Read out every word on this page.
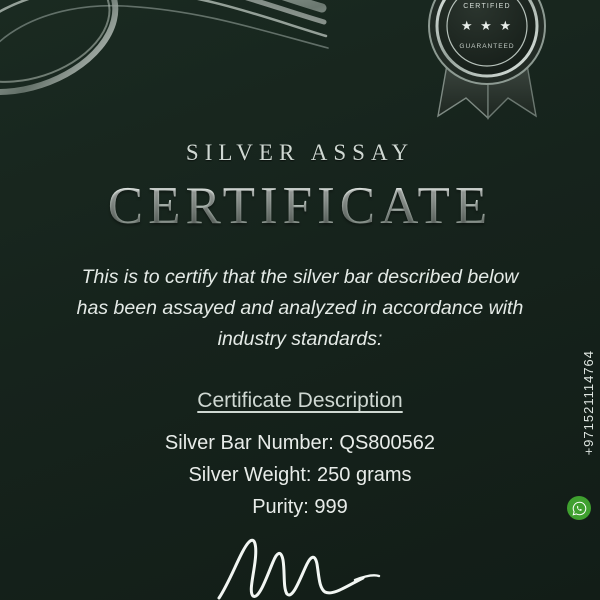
CERTIFIED
★ ★ ★
GUARANTEED
SILVER ASSAY
CERTIFICATE
This is to certify that the silver bar described below has been assayed and analyzed in accordance with industry standards:
Certificate Description
Silver Bar Number: QS800562
Silver Weight: 250 grams
Purity: 999
+971521114764
